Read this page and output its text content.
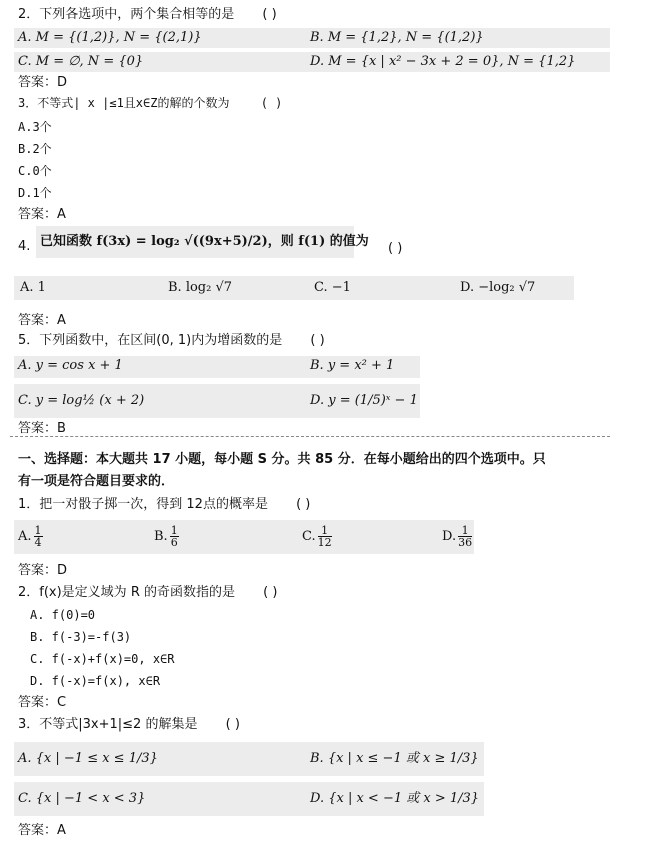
2．下列各选项中，两个集合相等的是 ( )
A. M = {(1,2)}, N = {(2,1)}	B. M = {1,2}, N = {(1,2)}
C. M = ∅, N = {0}	D. M = {x | x² − 3x + 2 = 0}, N = {1,2}
答案：D
3．不等式| x |≤1且x∈Z的解的个数为	( )
A.3个
B.2个
C.0个
D.1个
答案：A
4. 已知函数 f(3x) = log₂ √((9x+5)/2)，则 f(1) 的值为 ( )
A. 1	B. log₂ √7	C. −1	D. −log₂ √7
答案：A
5．下列函数中，在区间(0, 1)内为增函数的是 ( )
A. y = cos x + 1	B. y = x² + 1
C. y = log½ (x + 2)	D. y = (1/5)ˣ − 1
答案：B
一、选择题：本大题共 17 小题，每小题 S 分。共 85 分．在每小题给出的四个选项中。只
有一项是符合题目要求的．
1．把一对骰子掷一次，得到 12点的概率是 ( )
A. $\frac{1}{4}$	B. $\frac{1}{6}$	C. $\frac{1}{12}$	D. $\frac{1}{36}$
答案：D
2．f(x)是定义域为 R 的奇函数指的是 ( )
A. f(0)=0
B. f(-3)=-f(3)
C. f(-x)+f(x)=0, x∈R
D. f(-x)=f(x), x∈R
答案：C
3．不等式|3x+1|≤2 的解集是 ( )
A. {x | −1 ≤ x ≤ 1/3}	B. {x | x ≤ −1 或 x ≥ 1/3}
C. {x | −1 < x < 3}	D. {x | x < −1 或 x > 1/3}
答案：A
